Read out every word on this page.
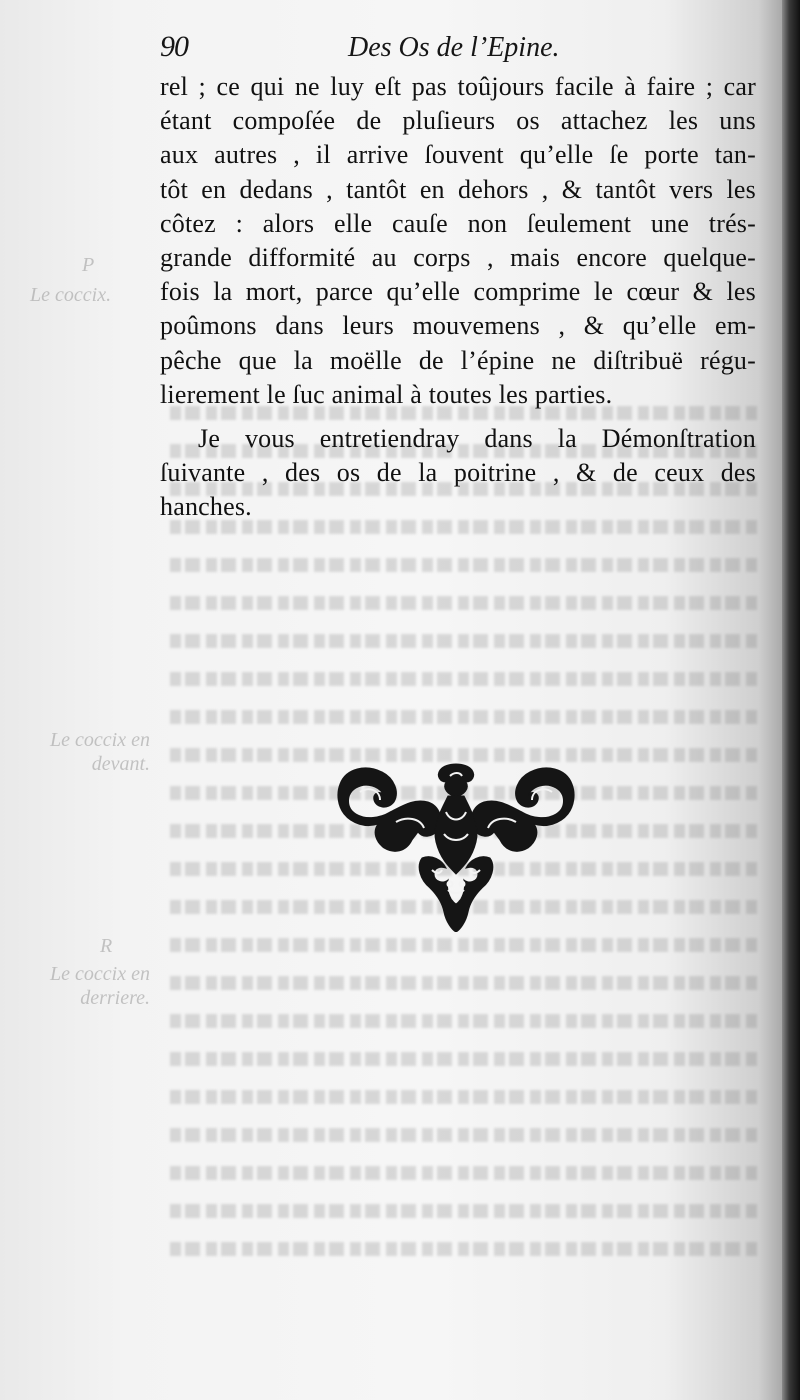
P
Le coccix.
Le coccix en devant.
R
Le coccix en derriere.
90	Des Os de l’Epine.
rel ; ce qui ne luy eſt pas toûjours facile à faire ; car
étant compoſée de pluſieurs os attachez les uns
aux autres , il arrive ſouvent qu’elle ſe porte tan-
tôt en dedans , tantôt en dehors , & tantôt vers les
côtez : alors elle cauſe non ſeulement une trés-
grande difformité au corps , mais encore quelque-
fois la mort, parce qu’elle comprime le cœur & les
poûmons dans leurs mouvemens , & qu’elle em-
pêche que la moëlle de l’épine ne diſtribuë régu-
lierement le ſuc animal à toutes les parties.
Je vous entretiendray dans la Démonſtration
ſuivante , des os de la poitrine , & de ceux des
hanches.
